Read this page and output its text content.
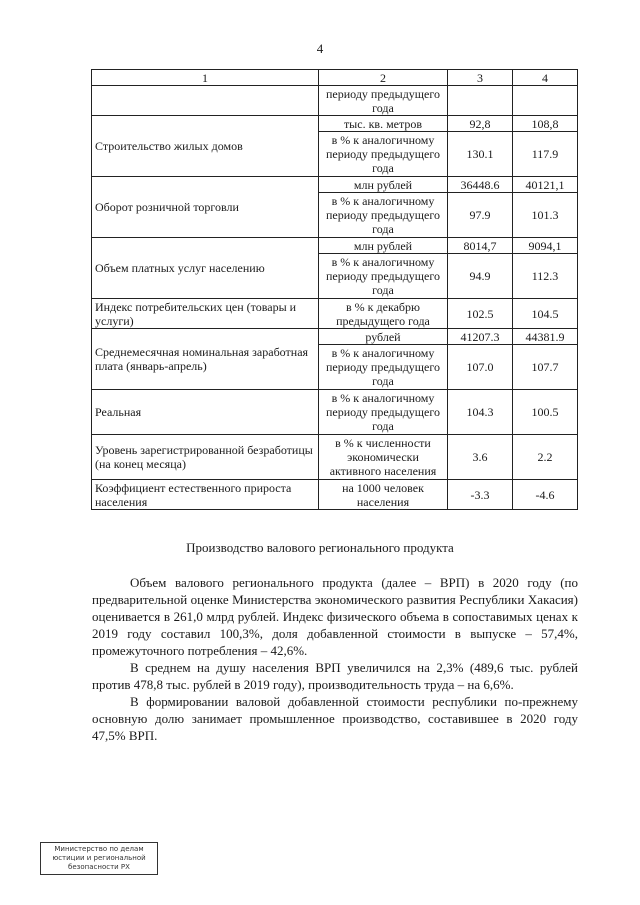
4
1	2	3	4
	периоду предыдущего года		
Строительство жилых домов	тыс. кв. метров	92,8	108,8
	в % к аналогичному периоду предыдущего года	130.1	117.9
Оборот розничной торговли	млн рублей	36448.6	40121,1
	в % к аналогичному периоду предыдущего года	97.9	101.3
Объем платных услуг населению	млн рублей	8014,7	9094,1
	в % к аналогичному периоду предыдущего года	94.9	112.3
Индекс потребительских цен (товары и услуги)	в % к декабрю предыдущего года	102.5	104.5
Среднемесячная номинальная заработная плата (январь-апрель)	рублей	41207.3	44381.9
	в % к аналогичному периоду предыдущего года	107.0	107.7
Реальная	в % к аналогичному периоду предыдущего года	104.3	100.5
Уровень зарегистрированной безработицы (на конец месяца)	в % к численности экономически активного населения	3.6	2.2
Коэффициент естественного прироста населения	на 1000 человек населения	-3.3	-4.6
Производство валового регионального продукта

Объем валового регионального продукта (далее – ВРП) в 2020 году (по предварительной оценке Министерства экономического развития Республики Хакасия) оценивается в 261,0 млрд рублей. Индекс физического объема в сопоставимых ценах к 2019 году составил 100,3%, доля добавленной стоимости в выпуске – 57,4%, промежуточного потребления – 42,6%.

В среднем на душу населения ВРП увеличился на 2,3% (489,6 тыс. рублей против 478,8 тыс. рублей в 2019 году), производительность труда – на 6,6%.

В формировании валовой добавленной стоимости республики по-прежнему основную долю занимает промышленное производство, составившее в 2020 году 47,5% ВРП.

Министерство по делам юстиции и региональной безопасности РХ
